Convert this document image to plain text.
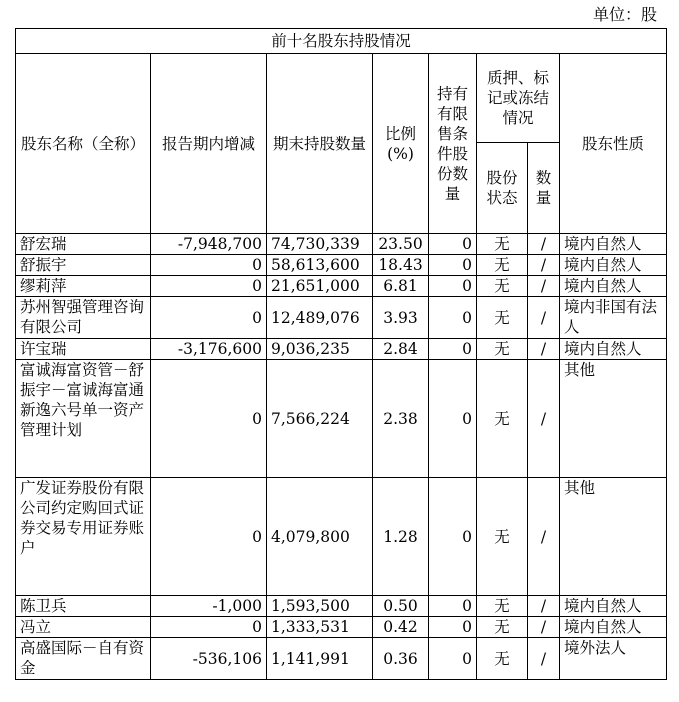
单位：股
前十名股东持股情况							
股东名称（全称）	报告期内增减	期末持股数量	比例(%)	持有有限售条件股份数量	质押、标记或冻结情况		股东性质
					股份状态	数量	
舒宏瑞	-7,948,700	74,730,339	23.50	0	无	/	境内自然人
舒振宇	0	58,613,600	18.43	0	无	/	境内自然人
缪莉萍	0	21,651,000	6.81	0	无	/	境内自然人
苏州智强管理咨询有限公司	0	12,489,076	3.93	0	无	/	境内非国有法人
许宝瑞	-3,176,600	9,036,235	2.84	0	无	/	境内自然人
富诚海富资管－舒振宇－富诚海富通新逸六号单一资产管理计划	0	7,566,224	2.38	0	无	/	其他
广发证券股份有限公司约定购回式证券交易专用证券账户	0	4,079,800	1.28	0	无	/	其他
陈卫兵	-1,000	1,593,500	0.50	0	无	/	境内自然人
冯立	0	1,333,531	0.42	0	无	/	境内自然人
高盛国际－自有资金	-536,106	1,141,991	0.36	0	无	/	境外法人
